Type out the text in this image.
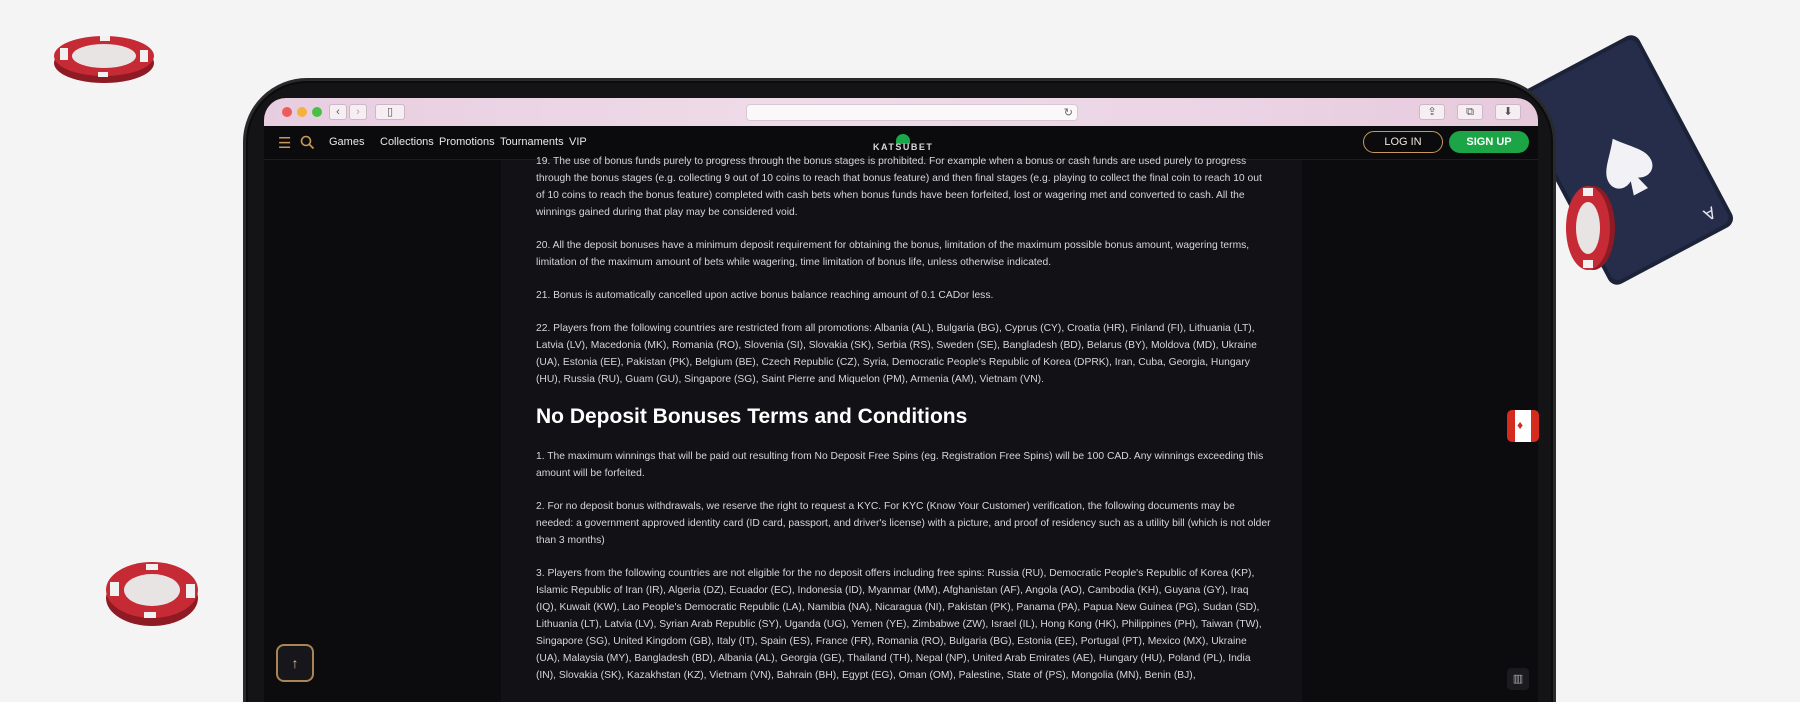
A
‹	›	▯	↻	⇪	⧉	⬇
☰	Games Collections Promotions Tournaments VIP	KATSUBET	LOG IN	SIGN UP

19. The use of bonus funds purely to progress through the bonus stages is prohibited. For example when a bonus or cash funds are used purely to progress through the bonus stages (e.g. collecting 9 out of 10 coins to reach that bonus feature) and then final stages (e.g. playing to collect the final coin to reach 10 out of 10 coins to reach the bonus feature) completed with cash bets when bonus funds have been forfeited, lost or wagering met and converted to cash. All the winnings gained during that play may be considered void.

20. All the deposit bonuses have a minimum deposit requirement for obtaining the bonus, limitation of the maximum possible bonus amount, wagering terms, limitation of the maximum amount of bets while wagering, time limitation of bonus life, unless otherwise indicated.

21. Bonus is automatically cancelled upon active bonus balance reaching amount of 0.1 CADor less.

22. Players from the following countries are restricted from all promotions: Albania (AL), Bulgaria (BG), Cyprus (CY), Croatia (HR), Finland (FI), Lithuania (LT), Latvia (LV), Macedonia (MK), Romania (RO), Slovenia (SI), Slovakia (SK), Serbia (RS), Sweden (SE), Bangladesh (BD), Belarus (BY), Moldova (MD), Ukraine (UA), Estonia (EE), Pakistan (PK), Belgium (BE), Czech Republic (CZ), Syria, Democratic People's Republic of Korea (DPRK), Iran, Cuba, Georgia, Hungary (HU), Russia (RU), Guam (GU), Singapore (SG), Saint Pierre and Miquelon (PM), Armenia (AM), Vietnam (VN).

No Deposit Bonuses Terms and Conditions

1. The maximum winnings that will be paid out resulting from No Deposit Free Spins (eg. Registration Free Spins) will be 100 CAD. Any winnings exceeding this amount will be forfeited.

2. For no deposit bonus withdrawals, we reserve the right to request a KYC. For KYC (Know Your Customer) verification, the following documents may be needed: a government approved identity card (ID card, passport, and driver's license) with a picture, and proof of residency such as a utility bill (which is not older than 3 months)

3. Players from the following countries are not eligible for the no deposit offers including free spins: Russia (RU), Democratic People's Republic of Korea (KP), Islamic Republic of Iran (IR), Algeria (DZ), Ecuador (EC), Indonesia (ID), Myanmar (MM), Afghanistan (AF), Angola (AO), Cambodia (KH), Guyana (GY), Iraq (IQ), Kuwait (KW), Lao People's Democratic Republic (LA), Namibia (NA), Nicaragua (NI), Pakistan (PK), Panama (PA), Papua New Guinea (PG), Sudan (SD), Lithuania (LT), Latvia (LV), Syrian Arab Republic (SY), Uganda (UG), Yemen (YE), Zimbabwe (ZW), Israel (IL), Hong Kong (HK), Philippines (PH), Taiwan (TW), Singapore (SG), United Kingdom (GB), Italy (IT), Spain (ES), France (FR), Romania (RO), Bulgaria (BG), Estonia (EE), Portugal (PT), Mexico (MX), Ukraine (UA), Malaysia (MY), Bangladesh (BD), Albania (AL), Georgia (GE), Thailand (TH), Nepal (NP), United Arab Emirates (AE), Hungary (HU), Poland (PL), India (IN), Slovakia (SK), Kazakhstan (KZ), Vietnam (VN), Bahrain (BH), Egypt (EG), Oman (OM), Palestine, State of (PS), Mongolia (MN), Benin (BJ),

↑
▥
♦
